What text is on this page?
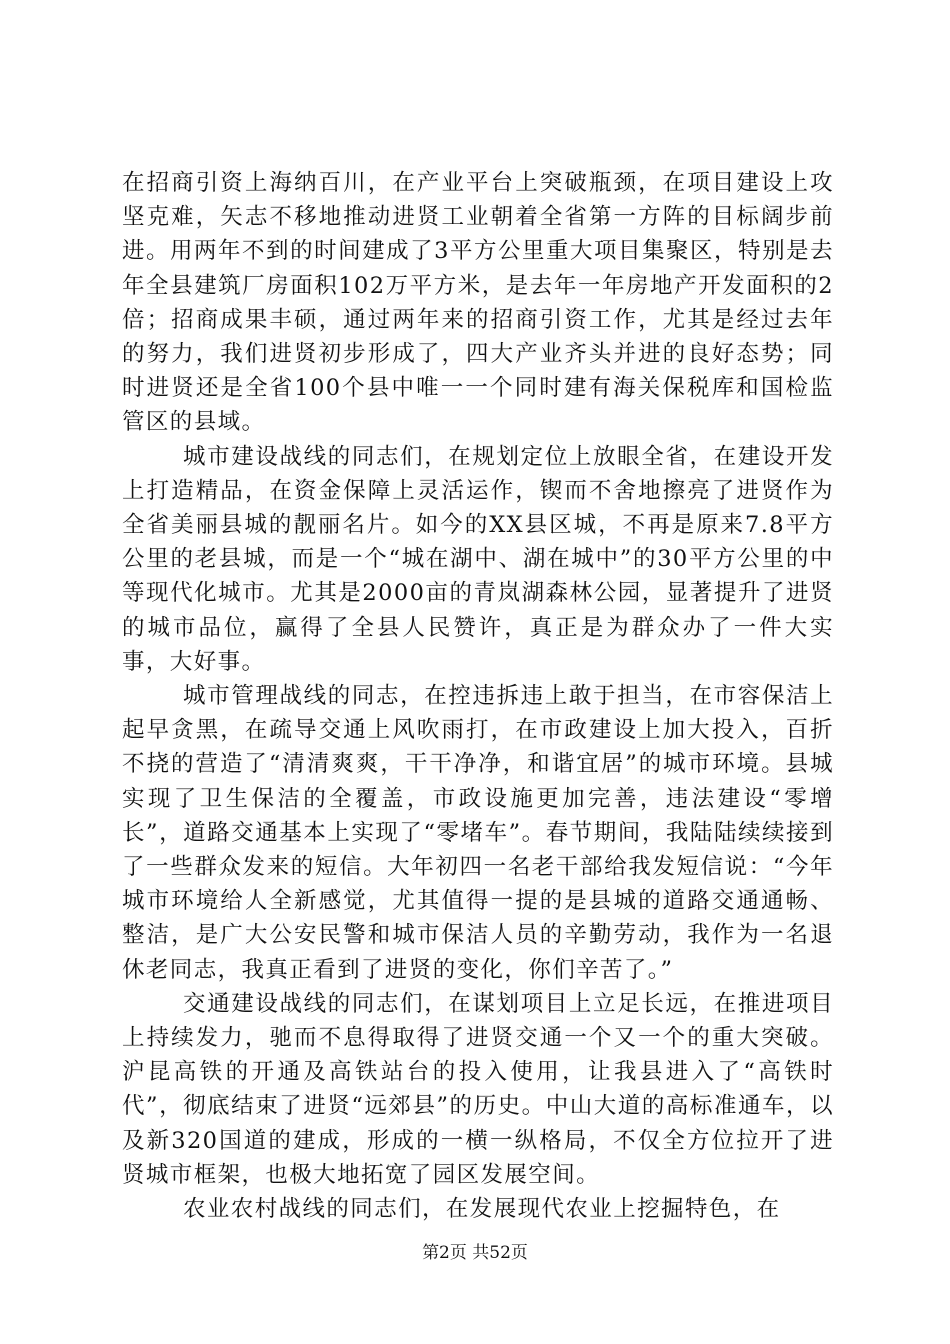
在招商引资上海纳百川，在产业平台上突破瓶颈，在项目建设上攻坚克难，矢志不移地推动进贤工业朝着全省第一方阵的目标阔步前进。用两年不到的时间建成了3平方公里重大项目集聚区，特别是去年全县建筑厂房面积102万平方米，是去年一年房地产开发面积的2倍；招商成果丰硕，通过两年来的招商引资工作，尤其是经过去年的努力，我们进贤初步形成了，四大产业齐头并进的良好态势；同时进贤还是全省100个县中唯一一个同时建有海关保税库和国检监管区的县域。

城市建设战线的同志们，在规划定位上放眼全省，在建设开发上打造精品，在资金保障上灵活运作，锲而不舍地擦亮了进贤作为全省美丽县城的靓丽名片。如今的XX县区城，不再是原来7.8平方公里的老县城，而是一个“城在湖中、湖在城中”的30平方公里的中等现代化城市。尤其是2000亩的青岚湖森林公园，显著提升了进贤的城市品位，赢得了全县人民赞许，真正是为群众办了一件大实事，大好事。

城市管理战线的同志，在控违拆违上敢于担当，在市容保洁上起早贪黑，在疏导交通上风吹雨打，在市政建设上加大投入，百折不挠的营造了“清清爽爽，干干净净，和谐宜居”的城市环境。县城实现了卫生保洁的全覆盖，市政设施更加完善，违法建设“零增长”，道路交通基本上实现了“零堵车”。春节期间，我陆陆续续接到了一些群众发来的短信。大年初四一名老干部给我发短信说：“今年城市环境给人全新感觉，尤其值得一提的是县城的道路交通通畅、整洁，是广大公安民警和城市保洁人员的辛勤劳动，我作为一名退休老同志，我真正看到了进贤的变化，你们辛苦了。”

交通建设战线的同志们，在谋划项目上立足长远，在推进项目上持续发力，驰而不息得取得了进贤交通一个又一个的重大突破。沪昆高铁的开通及高铁站台的投入使用，让我县进入了“高铁时代”，彻底结束了进贤“远郊县”的历史。中山大道的高标准通车，以及新320国道的建成，形成的一横一纵格局，不仅全方位拉开了进贤城市框架，也极大地拓宽了园区发展空间。

农业农村战线的同志们，在发展现代农业上挖掘特色，在

第2页 共52页
